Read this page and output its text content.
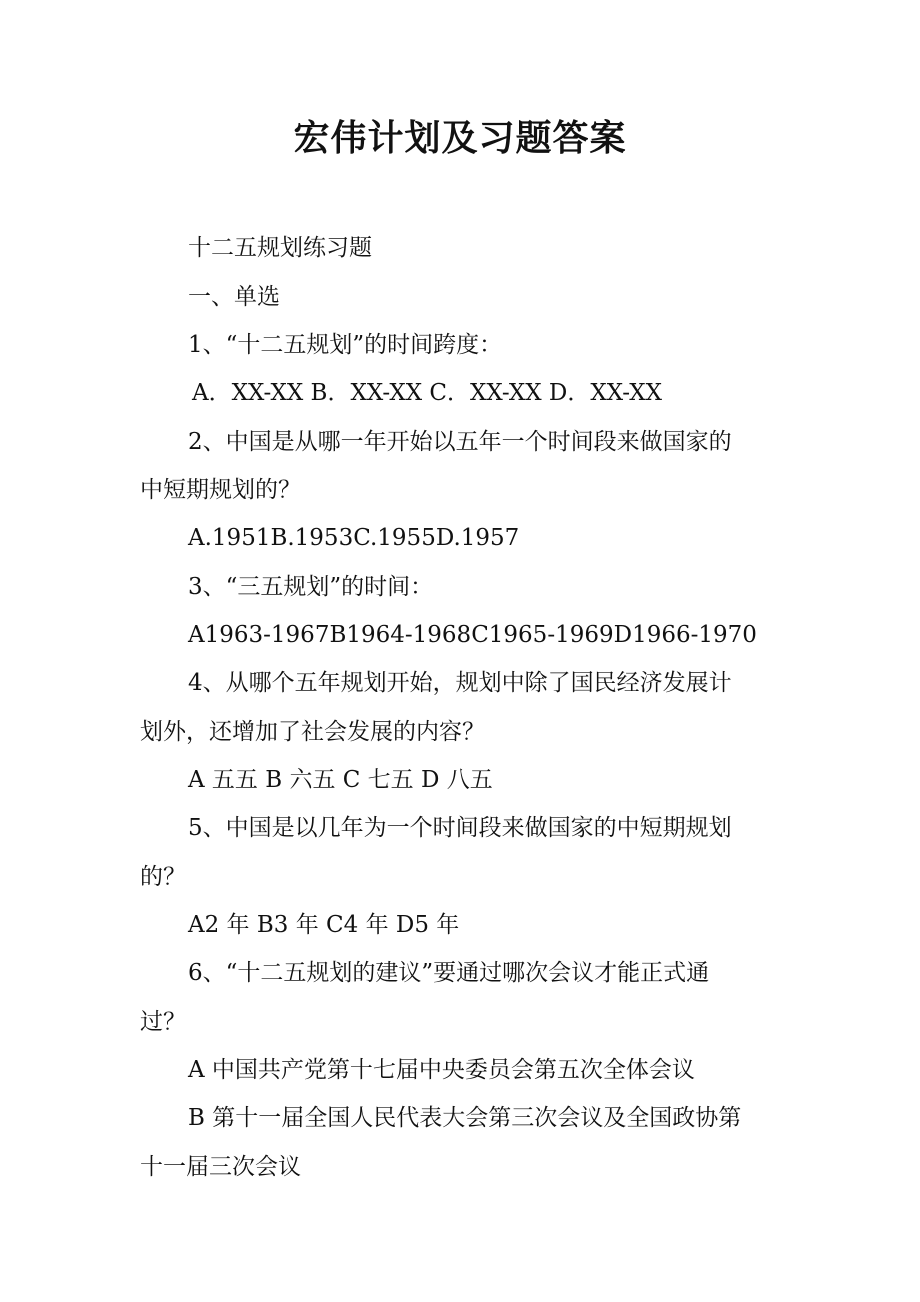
宏伟计划及习题答案
十二五规划练习题
一、单选
1、“十二五规划”的时间跨度：
A．XX-XX B．XX-XX C．XX-XX D．XX-XX
2、中国是从哪一年开始以五年一个时间段来做国家的
中短期规划的？
A.1951B.1953C.1955D.1957
3、“三五规划”的时间：
A1963-1967B1964-1968C1965-1969D1966-1970
4、从哪个五年规划开始，规划中除了国民经济发展计
划外，还增加了社会发展的内容？
A 五五 B 六五 C 七五 D 八五
5、中国是以几年为一个时间段来做国家的中短期规划
的？
A2 年 B3 年 C4 年 D5 年
6、“十二五规划的建议”要通过哪次会议才能正式通
过？
A 中国共产党第十七届中央委员会第五次全体会议
B 第十一届全国人民代表大会第三次会议及全国政协第
十一届三次会议
